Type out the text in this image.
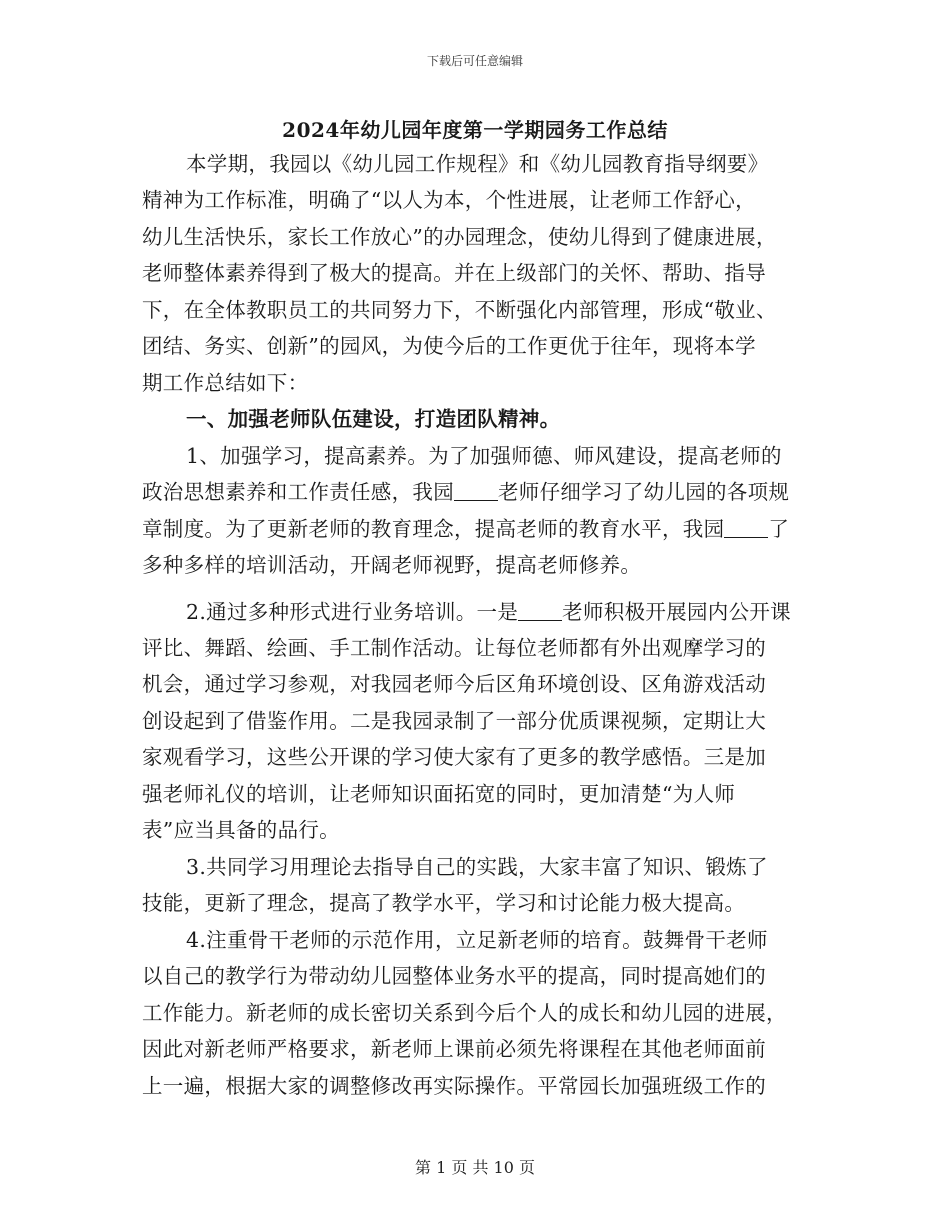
下载后可任意编辑
2024年幼儿园年度第一学期园务工作总结
本学期，我园以《幼儿园工作规程》和《幼儿园教育指导纲要》
精神为工作标准，明确了“以人为本，个性进展，让老师工作舒心，
幼儿生活快乐，家长工作放心”的办园理念，使幼儿得到了健康进展，
老师整体素养得到了极大的提高。并在上级部门的关怀、帮助、指导
下，在全体教职员工的共同努力下，不断强化内部管理，形成“敬业、
团结、务实、创新”的园风，为使今后的工作更优于往年，现将本学
期工作总结如下：
一、加强老师队伍建设，打造团队精神。
1、加强学习，提高素养。为了加强师德、师风建设，提高老师的
政治思想素养和工作责任感，我园 老师仔细学习了幼儿园的各项规
章制度。为了更新老师的教育理念，提高老师的教育水平，我园 了
多种多样的培训活动，开阔老师视野，提高老师修养。
2.通过多种形式进行业务培训。一是 老师积极开展园内公开课
评比、舞蹈、绘画、手工制作活动。让每位老师都有外出观摩学习的
机会，通过学习参观，对我园老师今后区角环境创设、区角游戏活动
创设起到了借鉴作用。二是我园录制了一部分优质课视频，定期让大
家观看学习，这些公开课的学习使大家有了更多的教学感悟。三是加
强老师礼仪的培训，让老师知识面拓宽的同时，更加清楚“为人师
表”应当具备的品行。
3.共同学习用理论去指导自己的实践，大家丰富了知识、锻炼了
技能，更新了理念，提高了教学水平，学习和讨论能力极大提高。
4.注重骨干老师的示范作用，立足新老师的培育。鼓舞骨干老师
以自己的教学行为带动幼儿园整体业务水平的提高，同时提高她们的
工作能力。新老师的成长密切关系到今后个人的成长和幼儿园的进展，
因此对新老师严格要求，新老师上课前必须先将课程在其他老师面前
上一遍，根据大家的调整修改再实际操作。平常园长加强班级工作的
第 1 页 共 10 页
